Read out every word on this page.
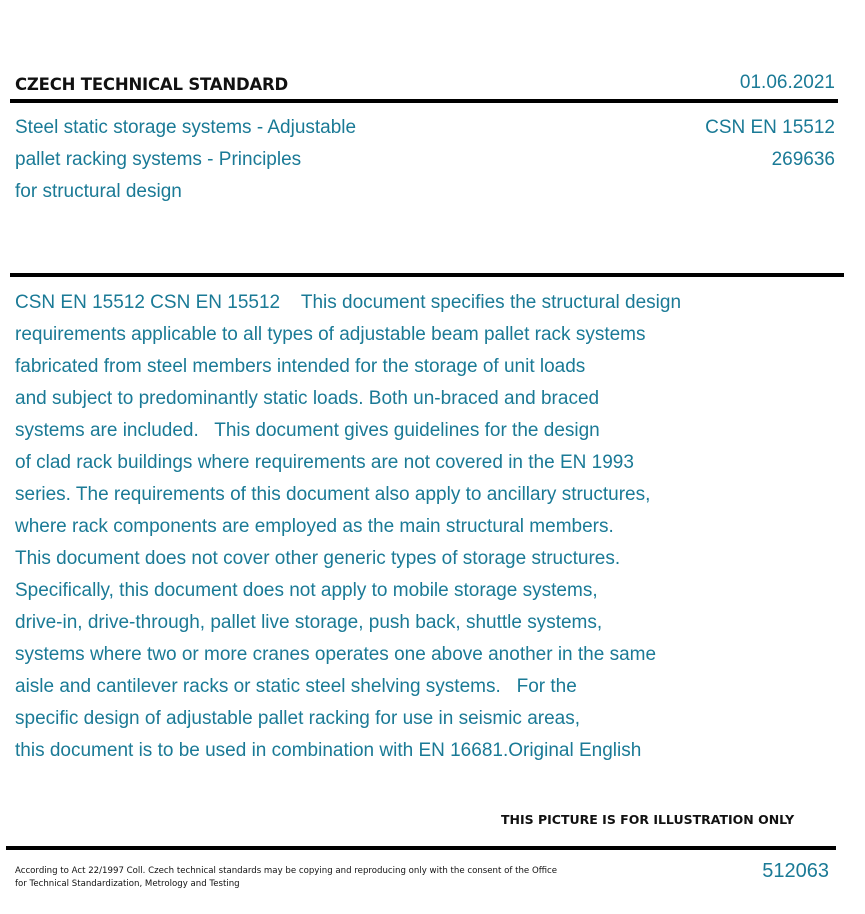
CZECH TECHNICAL STANDARD	01.06.2021
Steel static storage systems - Adjustable
pallet racking systems - Principles
for structural design
CSN EN 15512
269636
CSN EN 15512 CSN EN 15512    This document specifies the structural design
requirements applicable to all types of adjustable beam pallet rack systems
fabricated from steel members intended for the storage of unit loads
and subject to predominantly static loads. Both un-braced and braced
systems are included.   This document gives guidelines for the design
of clad rack buildings where requirements are not covered in the EN 1993
series. The requirements of this document also apply to ancillary structures,
where rack components are employed as the main structural members.
This document does not cover other generic types of storage structures.
Specifically, this document does not apply to mobile storage systems,
drive-in, drive-through, pallet live storage, push back, shuttle systems,
systems where two or more cranes operates one above another in the same
aisle and cantilever racks or static steel shelving systems.   For the
specific design of adjustable pallet racking for use in seismic areas,
this document is to be used in combination with EN 16681.Original English
THIS PICTURE IS FOR ILLUSTRATION ONLY
According to Act 22/1997 Coll. Czech technical standards may be copying and reproducing only with the consent of the Office
for Technical Standardization, Metrology and Testing
512063
